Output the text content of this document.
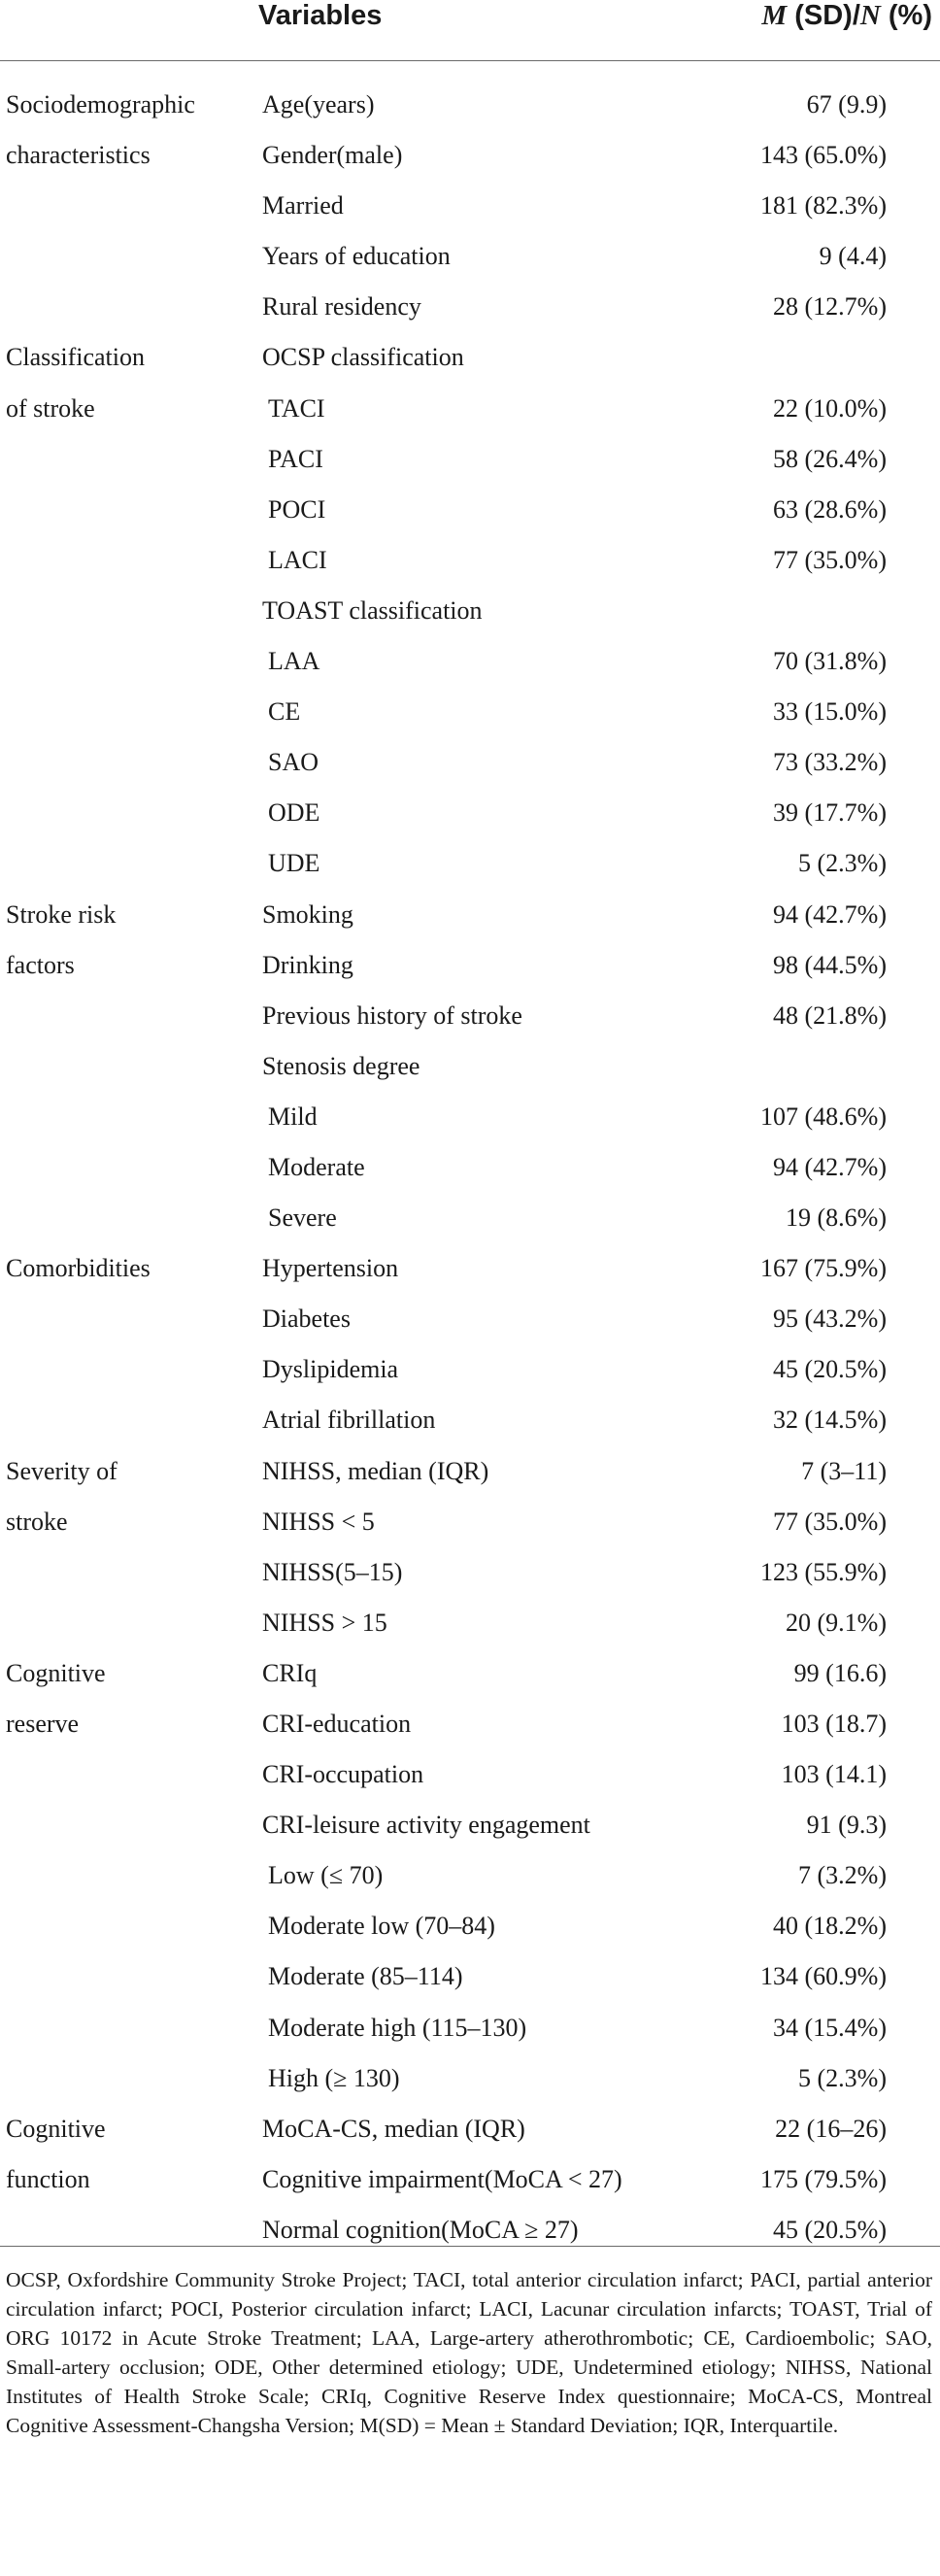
Variables	M (SD)/N (%)
Sociodemographic	Age(years)	67 (9.9)
characteristics	Gender(male)	143 (65.0%)
Married	181 (82.3%)
Years of education	9 (4.4)
Rural residency	28 (12.7%)
Classification	OCSP classification
of stroke	TACI	22 (10.0%)
PACI	58 (26.4%)
POCI	63 (28.6%)
LACI	77 (35.0%)
TOAST classification
LAA	70 (31.8%)
CE	33 (15.0%)
SAO	73 (33.2%)
ODE	39 (17.7%)
UDE	5 (2.3%)
Stroke risk	Smoking	94 (42.7%)
factors	Drinking	98 (44.5%)
Previous history of stroke	48 (21.8%)
Stenosis degree
Mild	107 (48.6%)
Moderate	94 (42.7%)
Severe	19 (8.6%)
Comorbidities	Hypertension	167 (75.9%)
Diabetes	95 (43.2%)
Dyslipidemia	45 (20.5%)
Atrial fibrillation	32 (14.5%)
Severity of	NIHSS, median (IQR)	7 (3–11)
stroke	NIHSS < 5	77 (35.0%)
NIHSS(5–15)	123 (55.9%)
NIHSS > 15	20 (9.1%)
Cognitive	CRIq	99 (16.6)
reserve	CRI-education	103 (18.7)
CRI-occupation	103 (14.1)
CRI-leisure activity engagement	91 (9.3)
Low (≤ 70)	7 (3.2%)
Moderate low (70–84)	40 (18.2%)
Moderate (85–114)	134 (60.9%)
Moderate high (115–130)	34 (15.4%)
High (≥ 130)	5 (2.3%)
Cognitive	MoCA-CS, median (IQR)	22 (16–26)
function	Cognitive impairment(MoCA < 27)	175 (79.5%)
Normal cognition(MoCA ≥ 27)	45 (20.5%)
OCSP, Oxfordshire Community Stroke Project; TACI, total anterior circulation infarct; PACI, partial anterior circulation infarct; POCI, Posterior circulation infarct; LACI, Lacunar circulation infarcts; TOAST, Trial of ORG 10172 in Acute Stroke Treatment; LAA, Large-artery atherothrombotic; CE, Cardioembolic; SAO, Small-artery occlusion; ODE, Other determined etiology; UDE, Undetermined etiology; NIHSS, National Institutes of Health Stroke Scale; CRIq, Cognitive Reserve Index questionnaire; MoCA-CS, Montreal Cognitive Assessment-Changsha Version; M(SD) = Mean ± Standard Deviation; IQR, Interquartile.
